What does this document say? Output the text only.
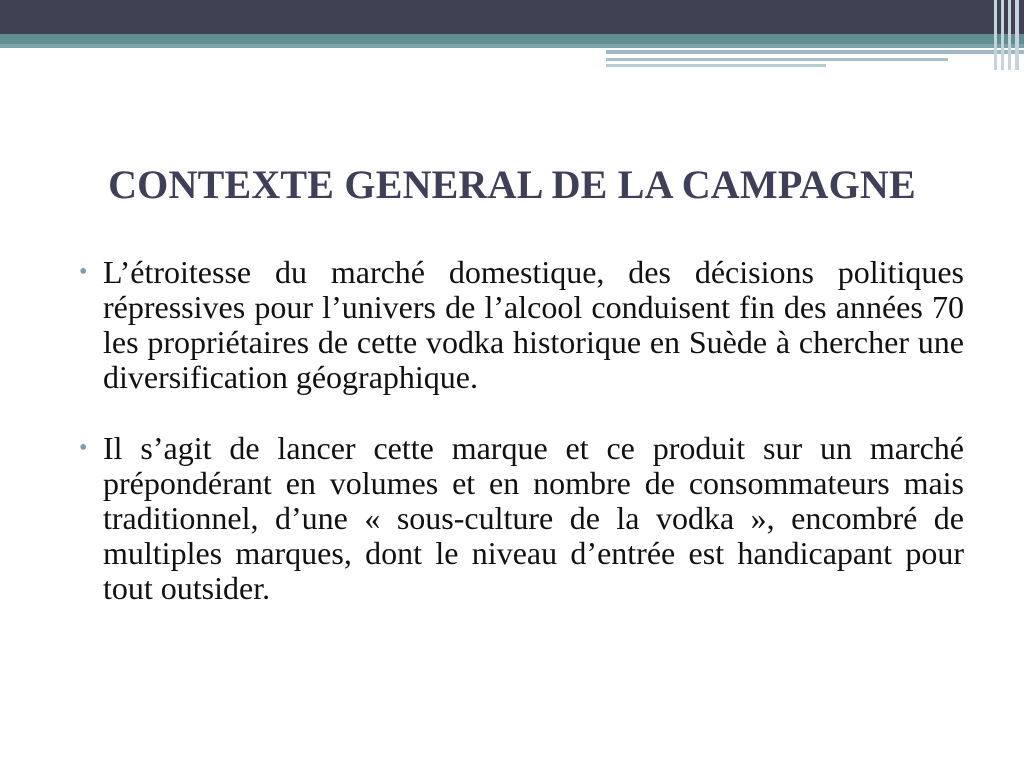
CONTEXTE GENERAL DE LA CAMPAGNE
• L’étroitesse du marché domestique, des décisions politiques répressives pour l’univers de l’alcool conduisent fin des années 70 les propriétaires de cette vodka historique en Suède à chercher une diversification géographique.
• Il s’agit de lancer cette marque et ce produit sur un marché prépondérant en volumes et en nombre de consommateurs mais traditionnel, d’une « sous-culture de la vodka », encombré de multiples marques, dont le niveau d’entrée est handicapant pour tout outsider.
